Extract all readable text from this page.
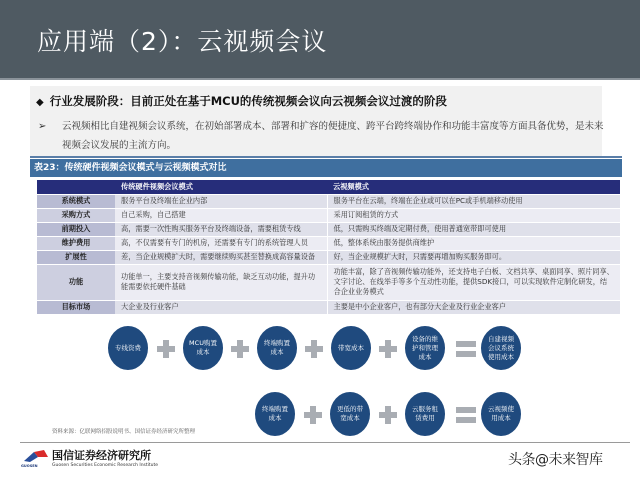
应用端（2）：云视频会议
◆ 行业发展阶段：目前正处在基于MCU的传统视频会议向云视频会议过渡的阶段
➢ 云视频相比自建视频会议系统，在初始部署成本、部署和扩容的便捷度、跨平台跨终端协作和功能丰富度等方面具备优势，是未来视频会议发展的主流方向。
表23：传统硬件视频会议模式与云视频模式对比
	传统硬件视频会议模式	云视频模式
系统模式	服务平台及终端在企业内部	服务平台在云端，终端在企业或可以在PC或手机端移动使用
采购方式	自己采购，自己搭建	采用订阅租赁的方式
前期投入	高，需要一次性购买服务平台及终端设备，需要租赁专线	低，只需购买终端及定期付费，使用普通宽带即可使用
维护费用	高，不仅需要有专门的机房，还需要有专门的系统管理人员	低，整体系统由服务提供商维护
扩展性	差，当企业规模扩大时，需要继续购买甚至替换成高容量设备	好，当企业规模扩大时，只需要再增加购买服务即可。
功能	功能单一，主要支持音视频传输功能，缺乏互动功能，提升功能需要依托硬件基础	功能丰富，除了音视频传输功能外，还支持电子白板、文档共享、桌面同享、照片同享、文字讨论、在线举手等多个互动性功能，提供SDK接口，可以实现软件定制化研发，结合企业业务模式
目标市场	大企业及行业客户	主要是中小企业客户，也有部分大企业及行业企业客户
专线资费
MCU购置成本
终端购置成本
带宽成本
设备的维护和管理成本
自建视频会议系统使用成本
终端购置成本
更低的带宽成本
云服务租赁费用
云视频使用成本
资料来源：亿联网络招股说明书、国信证券经济研究所整理
GUOSEN
国信证券经济研究所
Guosen Securities Economic Research Institute	头条@未来智库
